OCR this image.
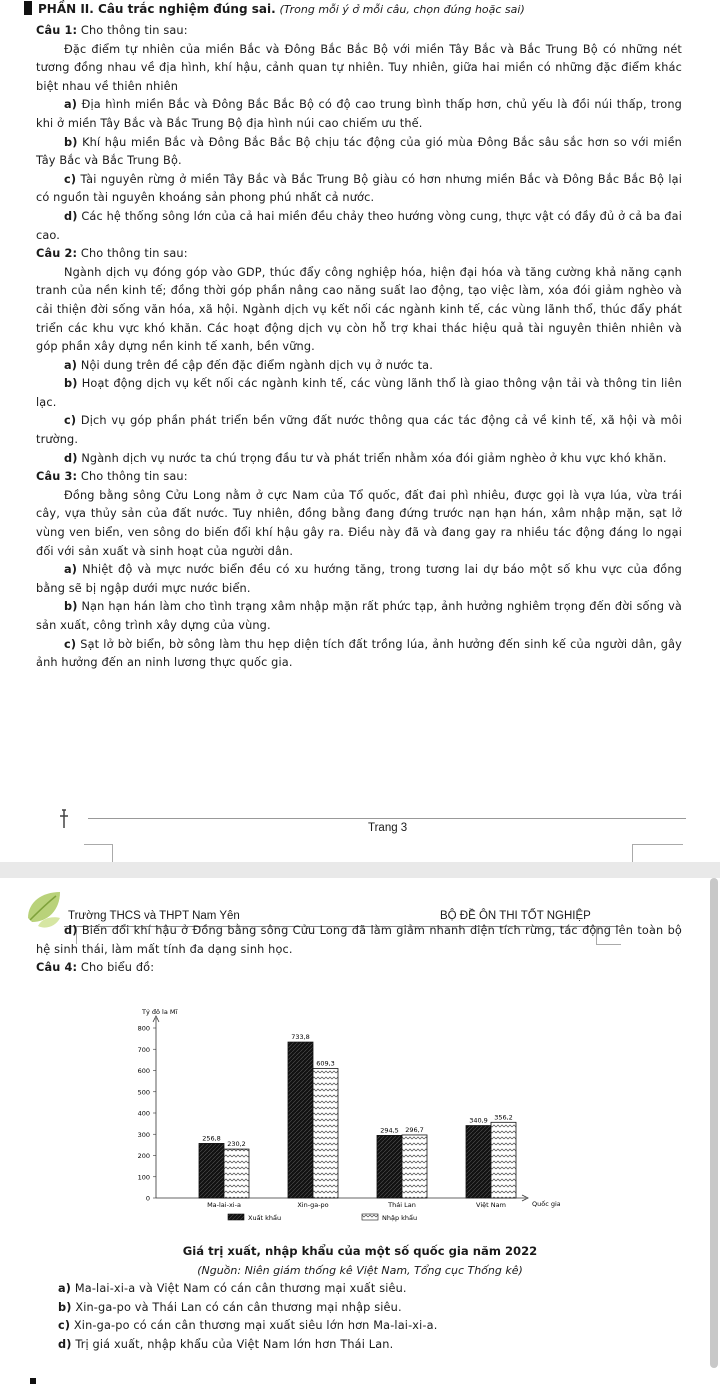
PHẦN II. Câu trắc nghiệm đúng sai. (Trong mỗi ý ở mỗi câu, chọn đúng hoặc sai)

Câu 1: Cho thông tin sau:

Đặc điểm tự nhiên của miền Bắc và Đông Bắc Bắc Bộ với miền Tây Bắc và Bắc Trung Bộ có những nét tương đồng nhau về địa hình, khí hậu, cảnh quan tự nhiên. Tuy nhiên, giữa hai miền có những đặc điểm khác biệt nhau về thiên nhiên

a) Địa hình miền Bắc và Đông Bắc Bắc Bộ có độ cao trung bình thấp hơn, chủ yếu là đồi núi thấp, trong khi ở miền Tây Bắc và Bắc Trung Bộ địa hình núi cao chiếm ưu thế.

b) Khí hậu miền Bắc và Đông Bắc Bắc Bộ chịu tác động của gió mùa Đông Bắc sâu sắc hơn so với miền Tây Bắc và Bắc Trung Bộ.

c) Tài nguyên rừng ở miền Tây Bắc và Bắc Trung Bộ giàu có hơn nhưng miền Bắc và Đông Bắc Bắc Bộ lại có nguồn tài nguyên khoáng sản phong phú nhất cả nước.

d) Các hệ thống sông lớn của cả hai miền đều chảy theo hướng vòng cung, thực vật có đầy đủ ở cả ba đai cao.

Câu 2: Cho thông tin sau:

Ngành dịch vụ đóng góp vào GDP, thúc đẩy công nghiệp hóa, hiện đại hóa và tăng cường khả năng cạnh tranh của nền kinh tế; đồng thời góp phần nâng cao năng suất lao động, tạo việc làm, xóa đói giảm nghèo và cải thiện đời sống văn hóa, xã hội. Ngành dịch vụ kết nối các ngành kinh tế, các vùng lãnh thổ, thúc đẩy phát triển các khu vực khó khăn. Các hoạt động dịch vụ còn hỗ trợ khai thác hiệu quả tài nguyên thiên nhiên và góp phần xây dựng nền kinh tế xanh, bền vững.

a) Nội dung trên đề cập đến đặc điểm ngành dịch vụ ở nước ta.

b) Hoạt động dịch vụ kết nối các ngành kinh tế, các vùng lãnh thổ là giao thông vận tải và thông tin liên lạc.

c) Dịch vụ góp phần phát triển bền vững đất nước thông qua các tác động cả về kinh tế, xã hội và môi trường.

d) Ngành dịch vụ nước ta chú trọng đầu tư và phát triển nhằm xóa đói giảm nghèo ở khu vực khó khăn.

Câu 3: Cho thông tin sau:

Đồng bằng sông Cửu Long nằm ở cực Nam của Tổ quốc, đất đai phì nhiêu, được gọi là vựa lúa, vừa trái cây, vựa thủy sản của đất nước. Tuy nhiên, đồng bằng đang đứng trước nạn hạn hán, xâm nhập mặn, sạt lở vùng ven biển, ven sông do biến đổi khí hậu gây ra. Điều này đã và đang gay ra nhiều tác động đáng lo ngại đối với sản xuất và sinh hoạt của người dân.

a) Nhiệt độ và mực nước biển đều có xu hướng tăng, trong tương lai dự báo một số khu vực của đồng bằng sẽ bị ngập dưới mực nước biển.

b) Nạn hạn hán làm cho tình trạng xâm nhập mặn rất phức tạp, ảnh hưởng nghiêm trọng đến đời sống và sản xuất, công trình xây dựng của vùng.

c) Sạt lở bờ biển, bờ sông làm thu hẹp diện tích đất trồng lúa, ảnh hưởng đến sinh kế của người dân, gây ảnh hưởng đến an ninh lương thực quốc gia.

Trang 3
Trường THCS và THPT Nam Yên	BỘ ĐỀ ÔN THI TỐT NGHIỆP

d) Biến đổi khí hậu ở Đồng bằng sông Cửu Long đã làm giảm nhanh diện tích rừng, tác động lên toàn bộ hệ sinh thái, làm mất tính đa dạng sinh học.

Câu 4: Cho biểu đồ:

Tỷ đô la Mĩ
0
100
200
300
400
500
600
700
800
Quốc gia
256,8
230,2
Ma-lai-xi-a
733,8
609,3
Xin-ga-po
294,5 296,7
Thái Lan
340,9 356,2
Việt Nam
Xuất khẩu	Nhập khẩu
Giá trị xuất, nhập khẩu của một số quốc gia năm 2022
(Nguồn: Niên giám thống kê Việt Nam, Tổng cục Thống kê)

a) Ma-lai-xi-a và Việt Nam có cán cân thương mại xuất siêu.

b) Xin-ga-po và Thái Lan có cán cân thương mại nhập siêu.

c) Xin-ga-po có cán cân thương mại xuất siêu lớn hơn Ma-lai-xi-a.

d) Trị giá xuất, nhập khẩu của Việt Nam lớn hơn Thái Lan.
